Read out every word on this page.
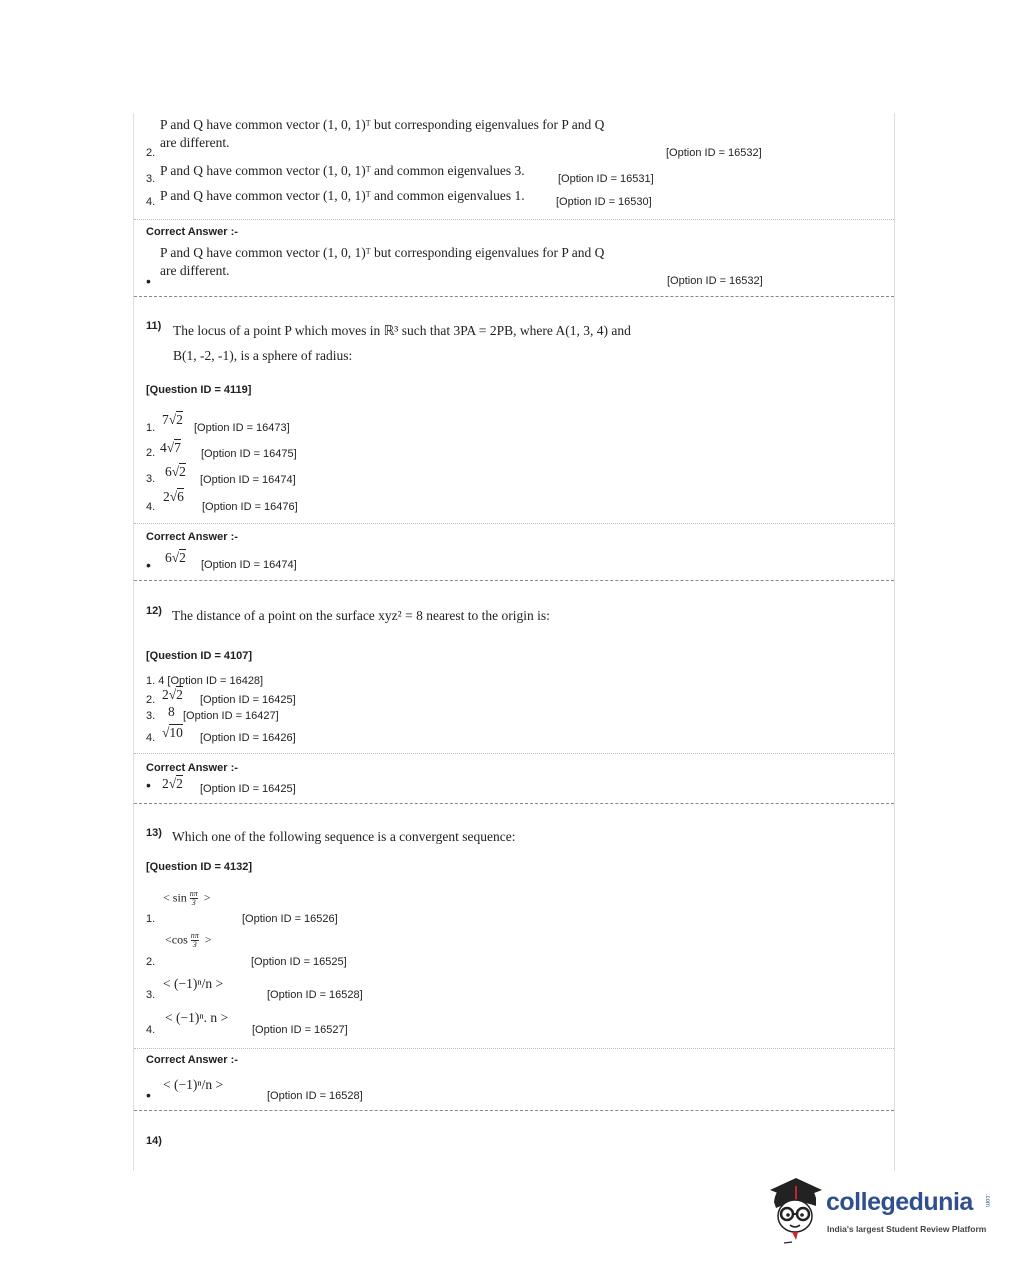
P and Q have common vector (1, 0, 1)ᵀ but corresponding eigenvalues for P and Q
are different.
2.	[Option ID = 16532]
3.
P and Q have common vector (1, 0, 1)ᵀ and common eigenvalues 3.
[Option ID = 16531]
4. P and Q have common vector (1, 0, 1)ᵀ and common eigenvalues 1.	[Option ID = 16530]
Correct Answer :-
P and Q have common vector (1, 0, 1)ᵀ but corresponding eigenvalues for P and Q
are different.
•	[Option ID = 16532]
11) The locus of a point P which moves in ℝ³ such that 3PA = 2PB, where A(1, 3, 4) and
B(1, -2, -1), is a sphere of radius:
[Question ID = 4119]
1.
7√2
[Option ID = 16473]
2. 4√7 [Option ID = 16475]
3. 6√2
[Option ID = 16474]
4.
2√6
[Option ID = 16476]
Correct Answer :-
• 6√2 [Option ID = 16474]
12) The distance of a point on the surface xyz² = 8 nearest to the origin is:
[Question ID = 4107]
1. 4 [Option ID = 16428]
2. 2√2 [Option ID = 16425]
3. 8 [Option ID = 16427]
4. √10 [Option ID = 16426]
Correct Answer :-
• 2√2 [Option ID = 16425]
13) Which one of the following sequence is a convergent sequence:
[Question ID = 4132]
< $\sin \frac{n\pi}{3}$ >
1.	[Option ID = 16526]
$<\cos \frac{n\pi}{3}$ >
2.	[Option ID = 16525]
< (−1)ⁿ/n >
3.	[Option ID = 16528]
< (−1)ⁿ. n >
4.	[Option ID = 16527]
Correct Answer :-
< (−1)ⁿ/n >
•	[Option ID = 16528]
14)
collegedunia .com
India's largest Student Review Platform
